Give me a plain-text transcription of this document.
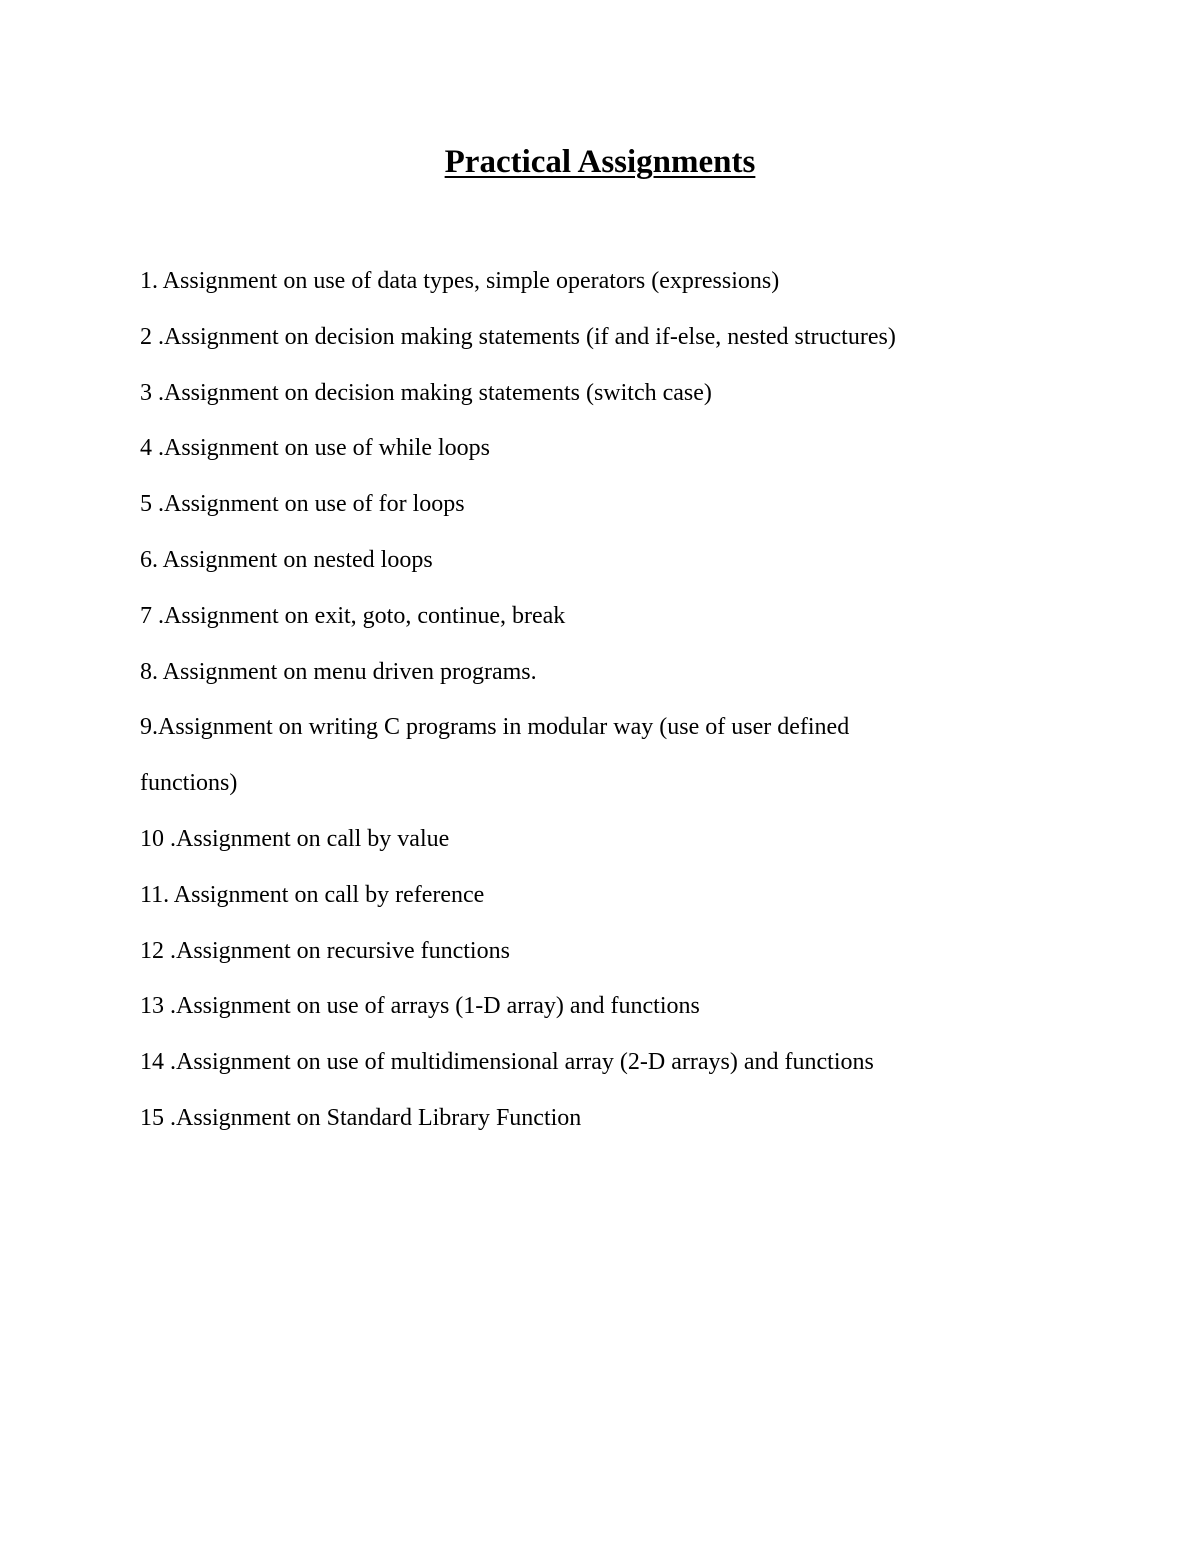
Practical Assignments
1. Assignment on use of data types, simple operators (expressions)
2 .Assignment on decision making statements (if and if-else, nested structures)
3 .Assignment on decision making statements (switch case)
4 .Assignment on use of while loops
5 .Assignment on use of for loops
6. Assignment on nested loops
7 .Assignment on exit, goto, continue, break
8. Assignment on menu driven programs.
9.Assignment on writing C programs in modular way (use of user defined
functions)
10 .Assignment on call by value
11. Assignment on call by reference
12 .Assignment on recursive functions
13 .Assignment on use of arrays (1-D array) and functions
14 .Assignment on use of multidimensional array (2-D arrays) and functions
15 .Assignment on Standard Library Function
